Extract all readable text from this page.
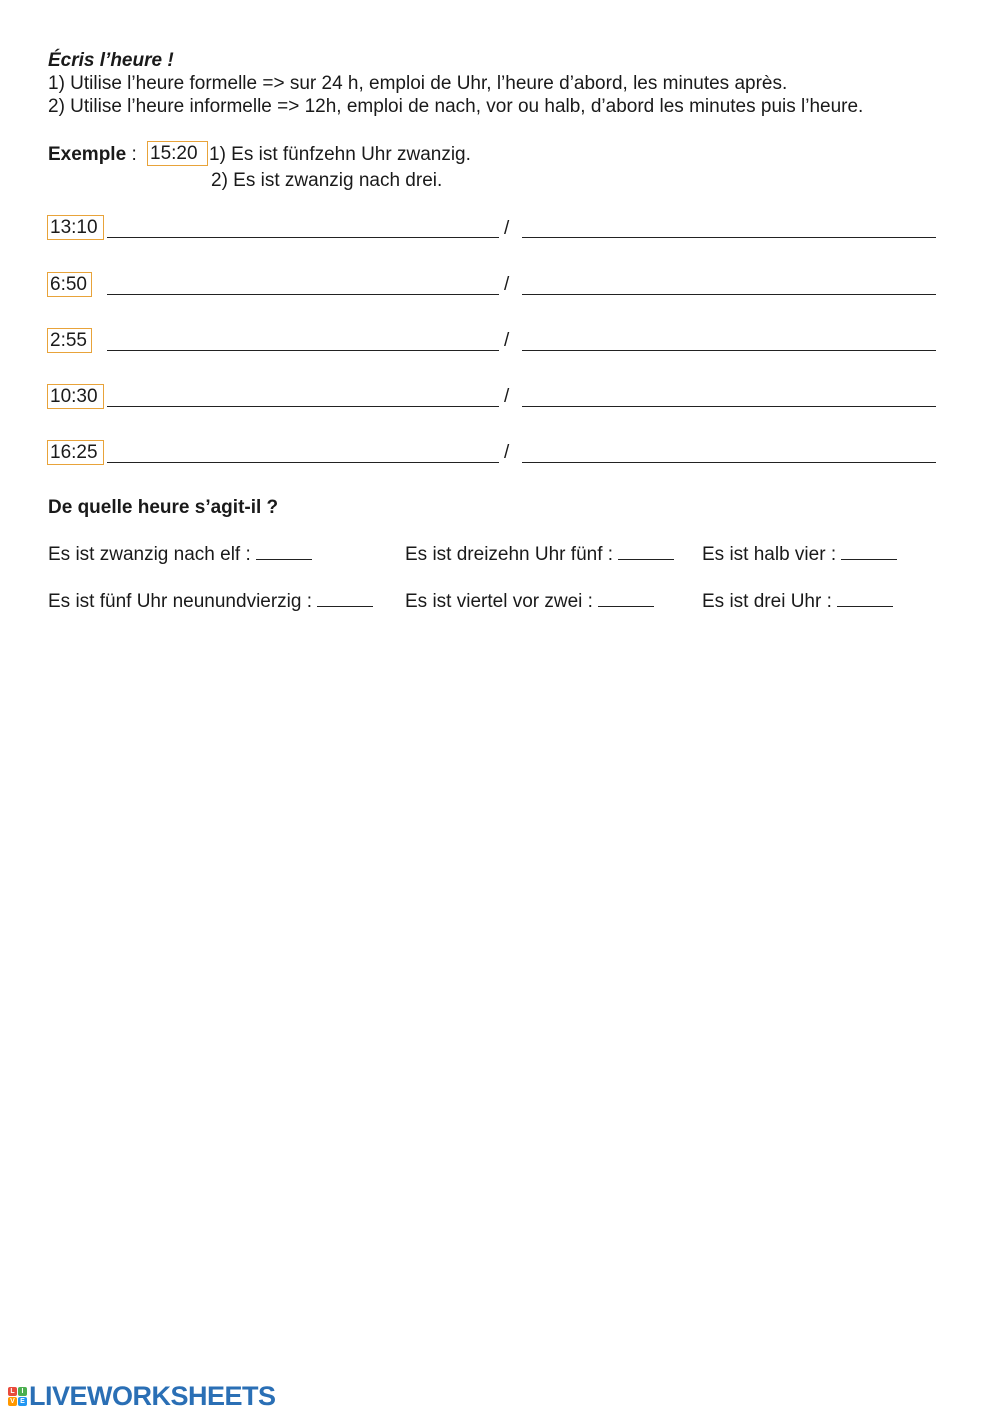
Écris l’heure !
1) Utilise l’heure formelle => sur 24 h, emploi de Uhr, l’heure d’abord, les minutes après.
2) Utilise l’heure informelle => 12h, emploi de nach, vor ou halb, d’abord les minutes puis l’heure.
Exemple : 15:20 1) Es ist fünfzehn Uhr zwanzig.
2) Es ist zwanzig nach drei.
13:10	/
6:50	/
2:55	/
10:30	/
16:25	/
De quelle heure s’agit-il ?
Es ist zwanzig nach elf :	Es ist dreizehn Uhr fünf :	Es ist halb vier :
Es ist fünf Uhr neunundvierzig :	Es ist viertel vor zwei :	Es ist drei Uhr :
L I
V E LIVEWORKSHEETS
